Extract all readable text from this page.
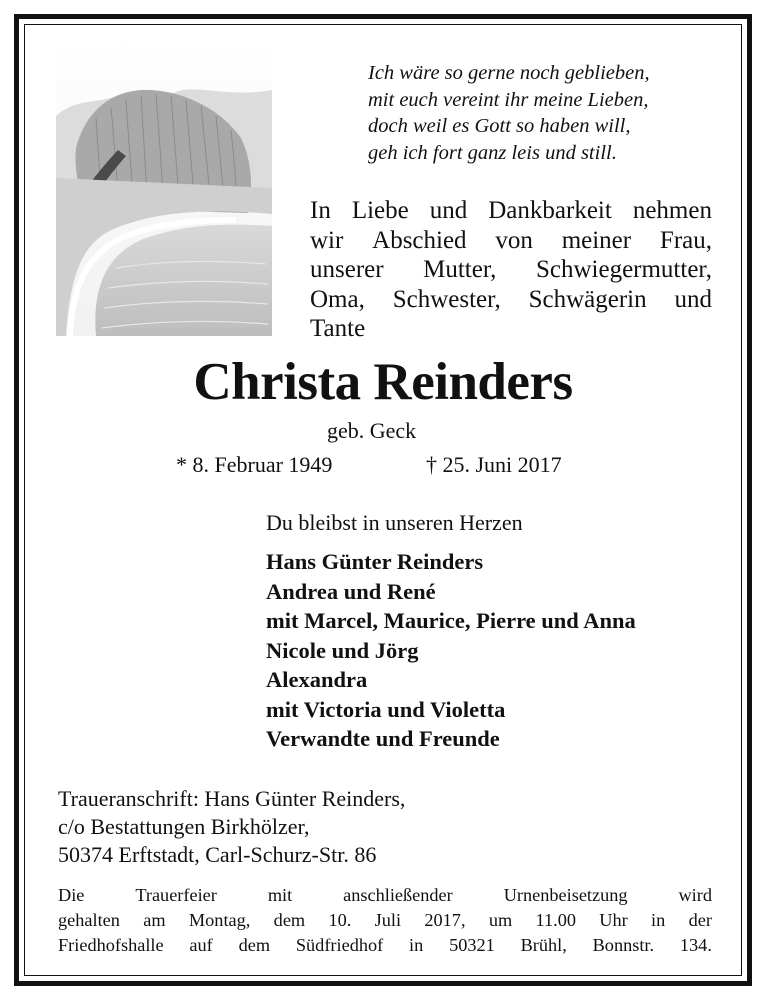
Ich wäre so gerne noch geblieben,
mit euch vereint ihr meine Lieben,
doch weil es Gott so haben will,
geh ich fort ganz leis und still.
In Liebe und Dankbarkeit nehmen
wir Abschied von meiner Frau,
unserer Mutter, Schwiegermutter,
Oma, Schwester, Schwägerin und
Tante
Christa Reinders
geb. Geck
* 8. Februar 1949	† 25. Juni 2017
Du bleibst in unseren Herzen
Hans Günter Reinders
Andrea und René
mit Marcel, Maurice, Pierre und Anna
Nicole und Jörg
Alexandra
mit Victoria und Violetta
Verwandte und Freunde
Traueranschrift: Hans Günter Reinders,
c/o Bestattungen Birkhölzer,
50374 Erftstadt, Carl-Schurz-Str. 86
Die	Trauerfeier	mit	anschließender	Urnenbeisetzung	wird
gehalten am Montag, dem 10. Juli 2017, um 11.00 Uhr in der
Friedhofshalle auf dem Südfriedhof in 50321 Brühl, Bonnstr. 134.
